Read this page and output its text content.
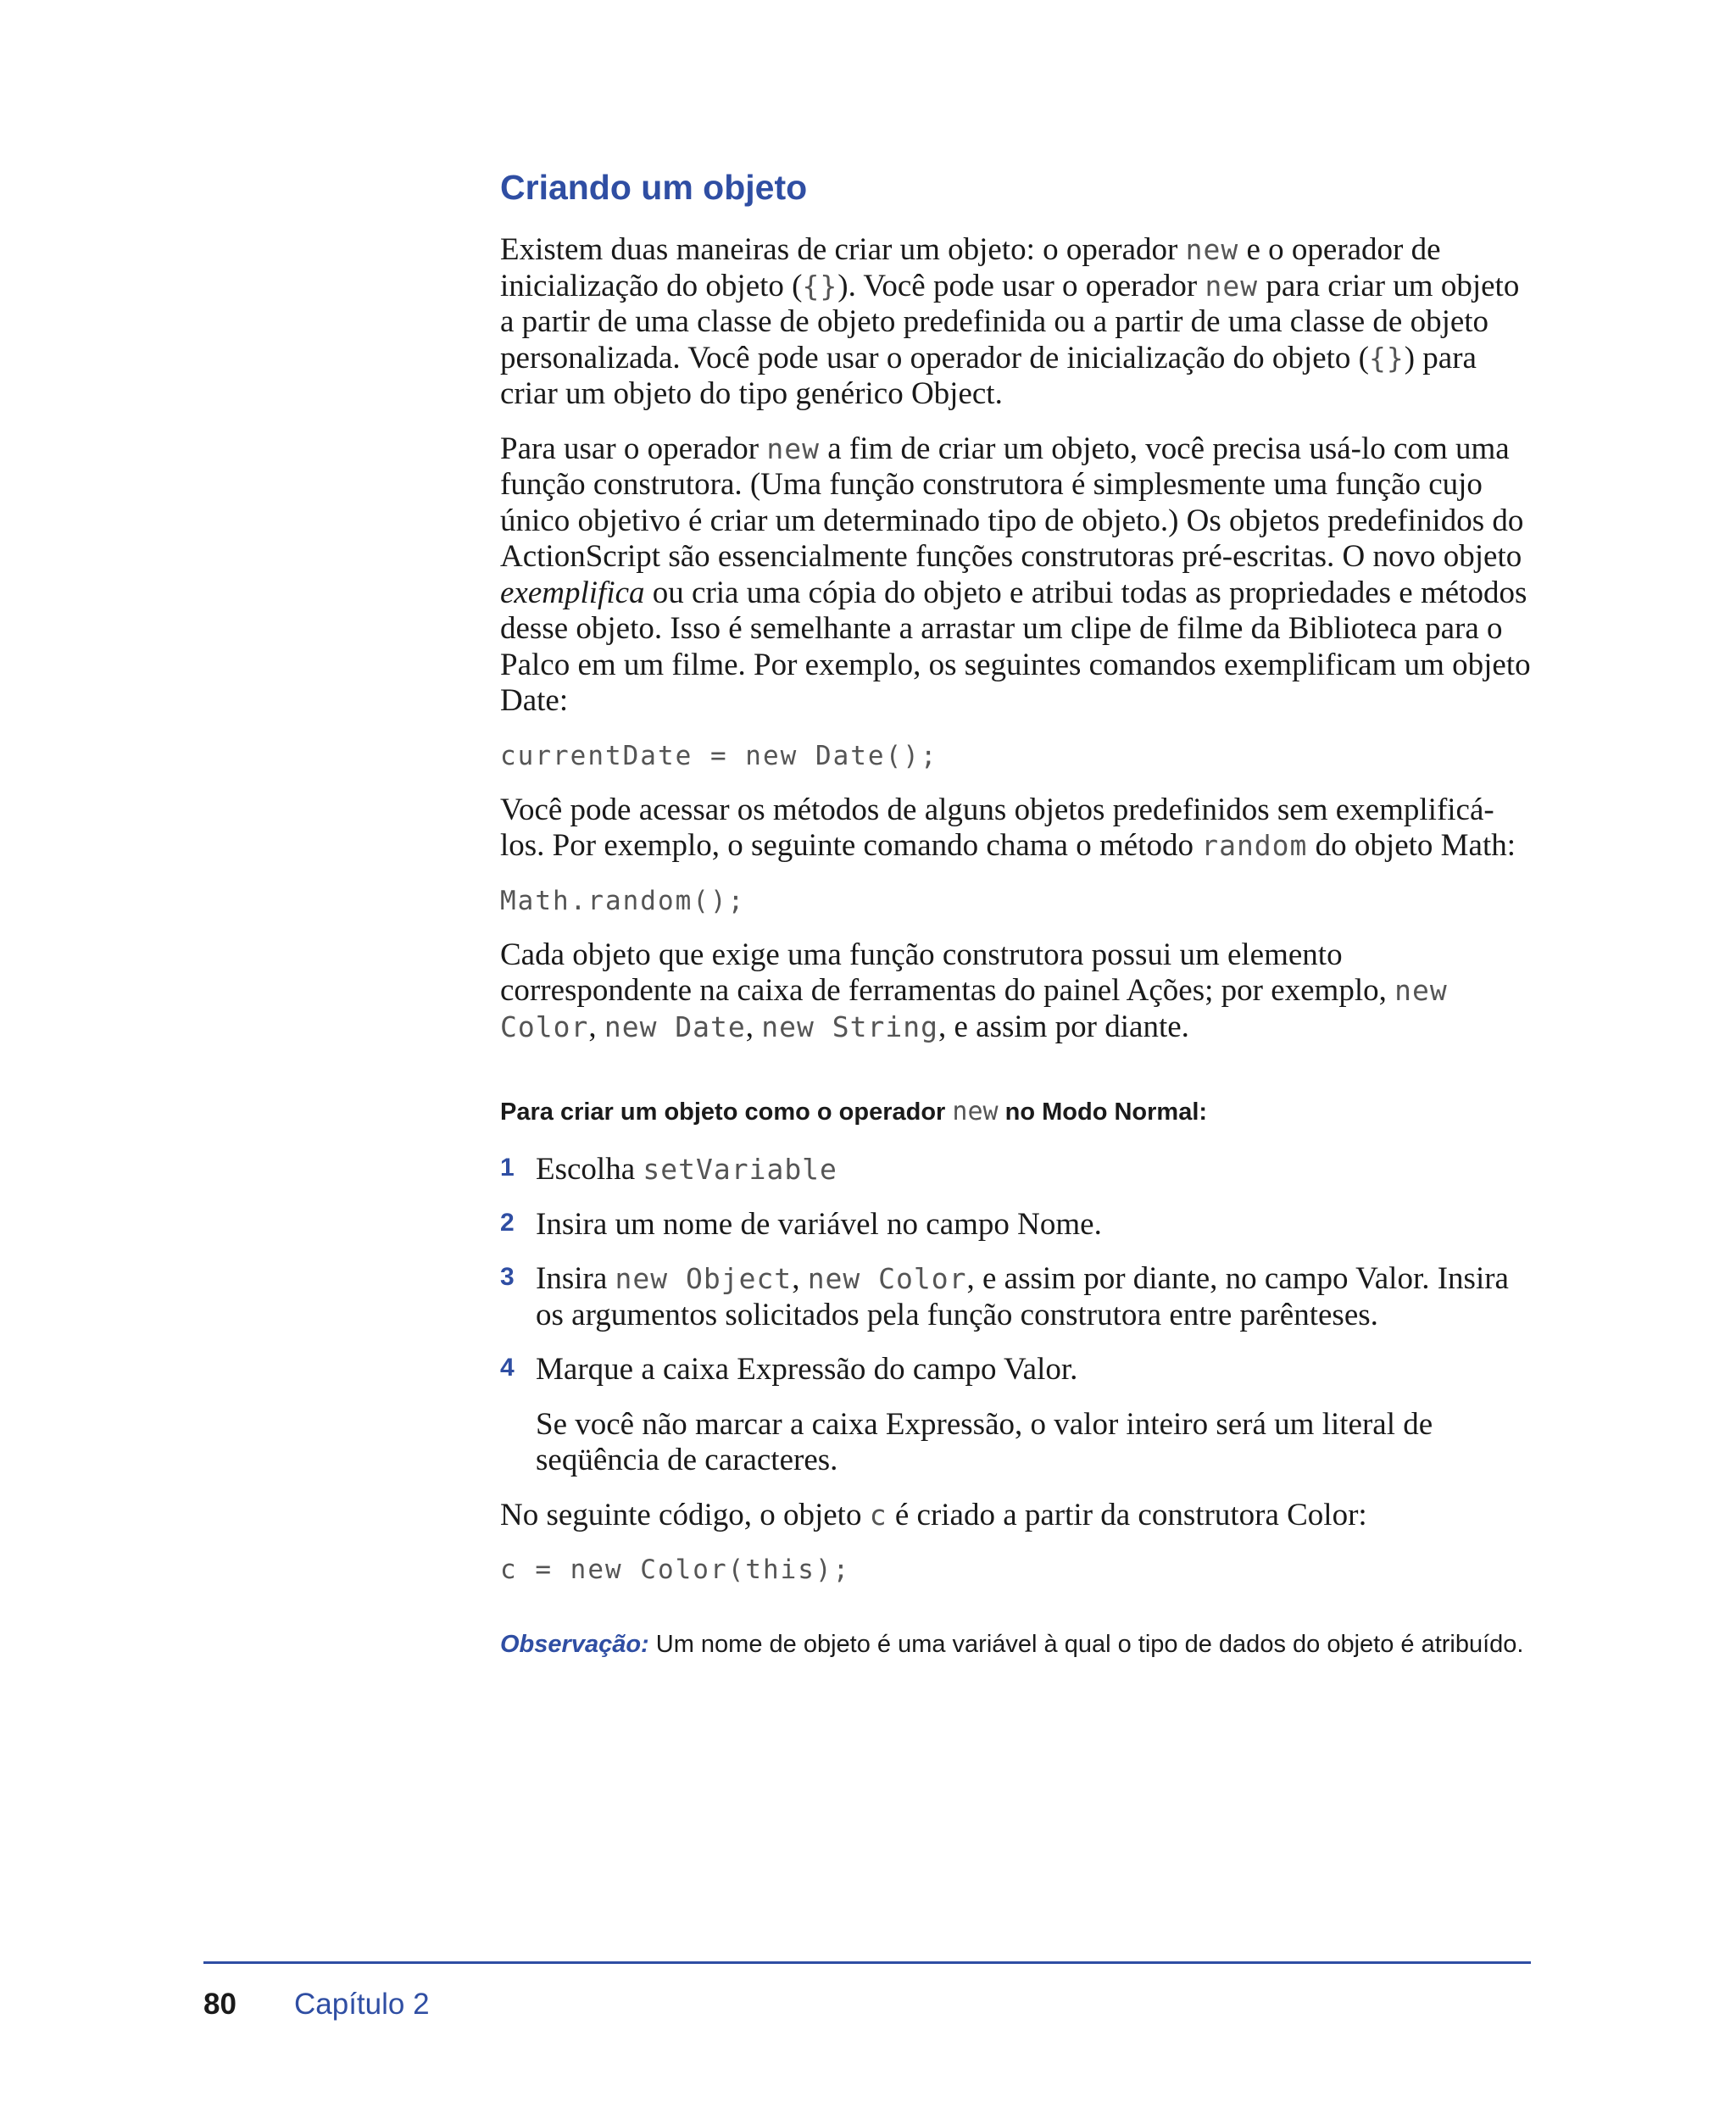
Criando um objeto

Existem duas maneiras de criar um objeto: o operador new e o operador de inicialização do objeto ({}). Você pode usar o operador new para criar um objeto a partir de uma classe de objeto predefinida ou a partir de uma classe de objeto personalizada. Você pode usar o operador de inicialização do objeto ({}) para criar um objeto do tipo genérico Object.

Para usar o operador new a fim de criar um objeto, você precisa usá-lo com uma função construtora. (Uma função construtora é simplesmente uma função cujo único objetivo é criar um determinado tipo de objeto.) Os objetos predefinidos do ActionScript são essencialmente funções construtoras pré-escritas. O novo objeto exemplifica ou cria uma cópia do objeto e atribui todas as propriedades e métodos desse objeto. Isso é semelhante a arrastar um clipe de filme da Biblioteca para o Palco em um filme. Por exemplo, os seguintes comandos exemplificam um objeto Date:

currentDate = new Date();

Você pode acessar os métodos de alguns objetos predefinidos sem exemplificá-los. Por exemplo, o seguinte comando chama o método random do objeto Math:

Math.random();

Cada objeto que exige uma função construtora possui um elemento correspondente na caixa de ferramentas do painel Ações; por exemplo, new Color, new Date, new String, e assim por diante.

Para criar um objeto como o operador new no Modo Normal:
1 Escolha setVariable
2 Insira um nome de variável no campo Nome.
3 Insira new Object, new Color, e assim por diante, no campo Valor. Insira os argumentos solicitados pela função construtora entre parênteses.
4 Marque a caixa Expressão do campo Valor.

Se você não marcar a caixa Expressão, o valor inteiro será um literal de seqüência de caracteres.

No seguinte código, o objeto c é criado a partir da construtora Color:

c = new Color(this);

Observação: Um nome de objeto é uma variável à qual o tipo de dados do objeto é atribuído.

80 Capítulo 2
